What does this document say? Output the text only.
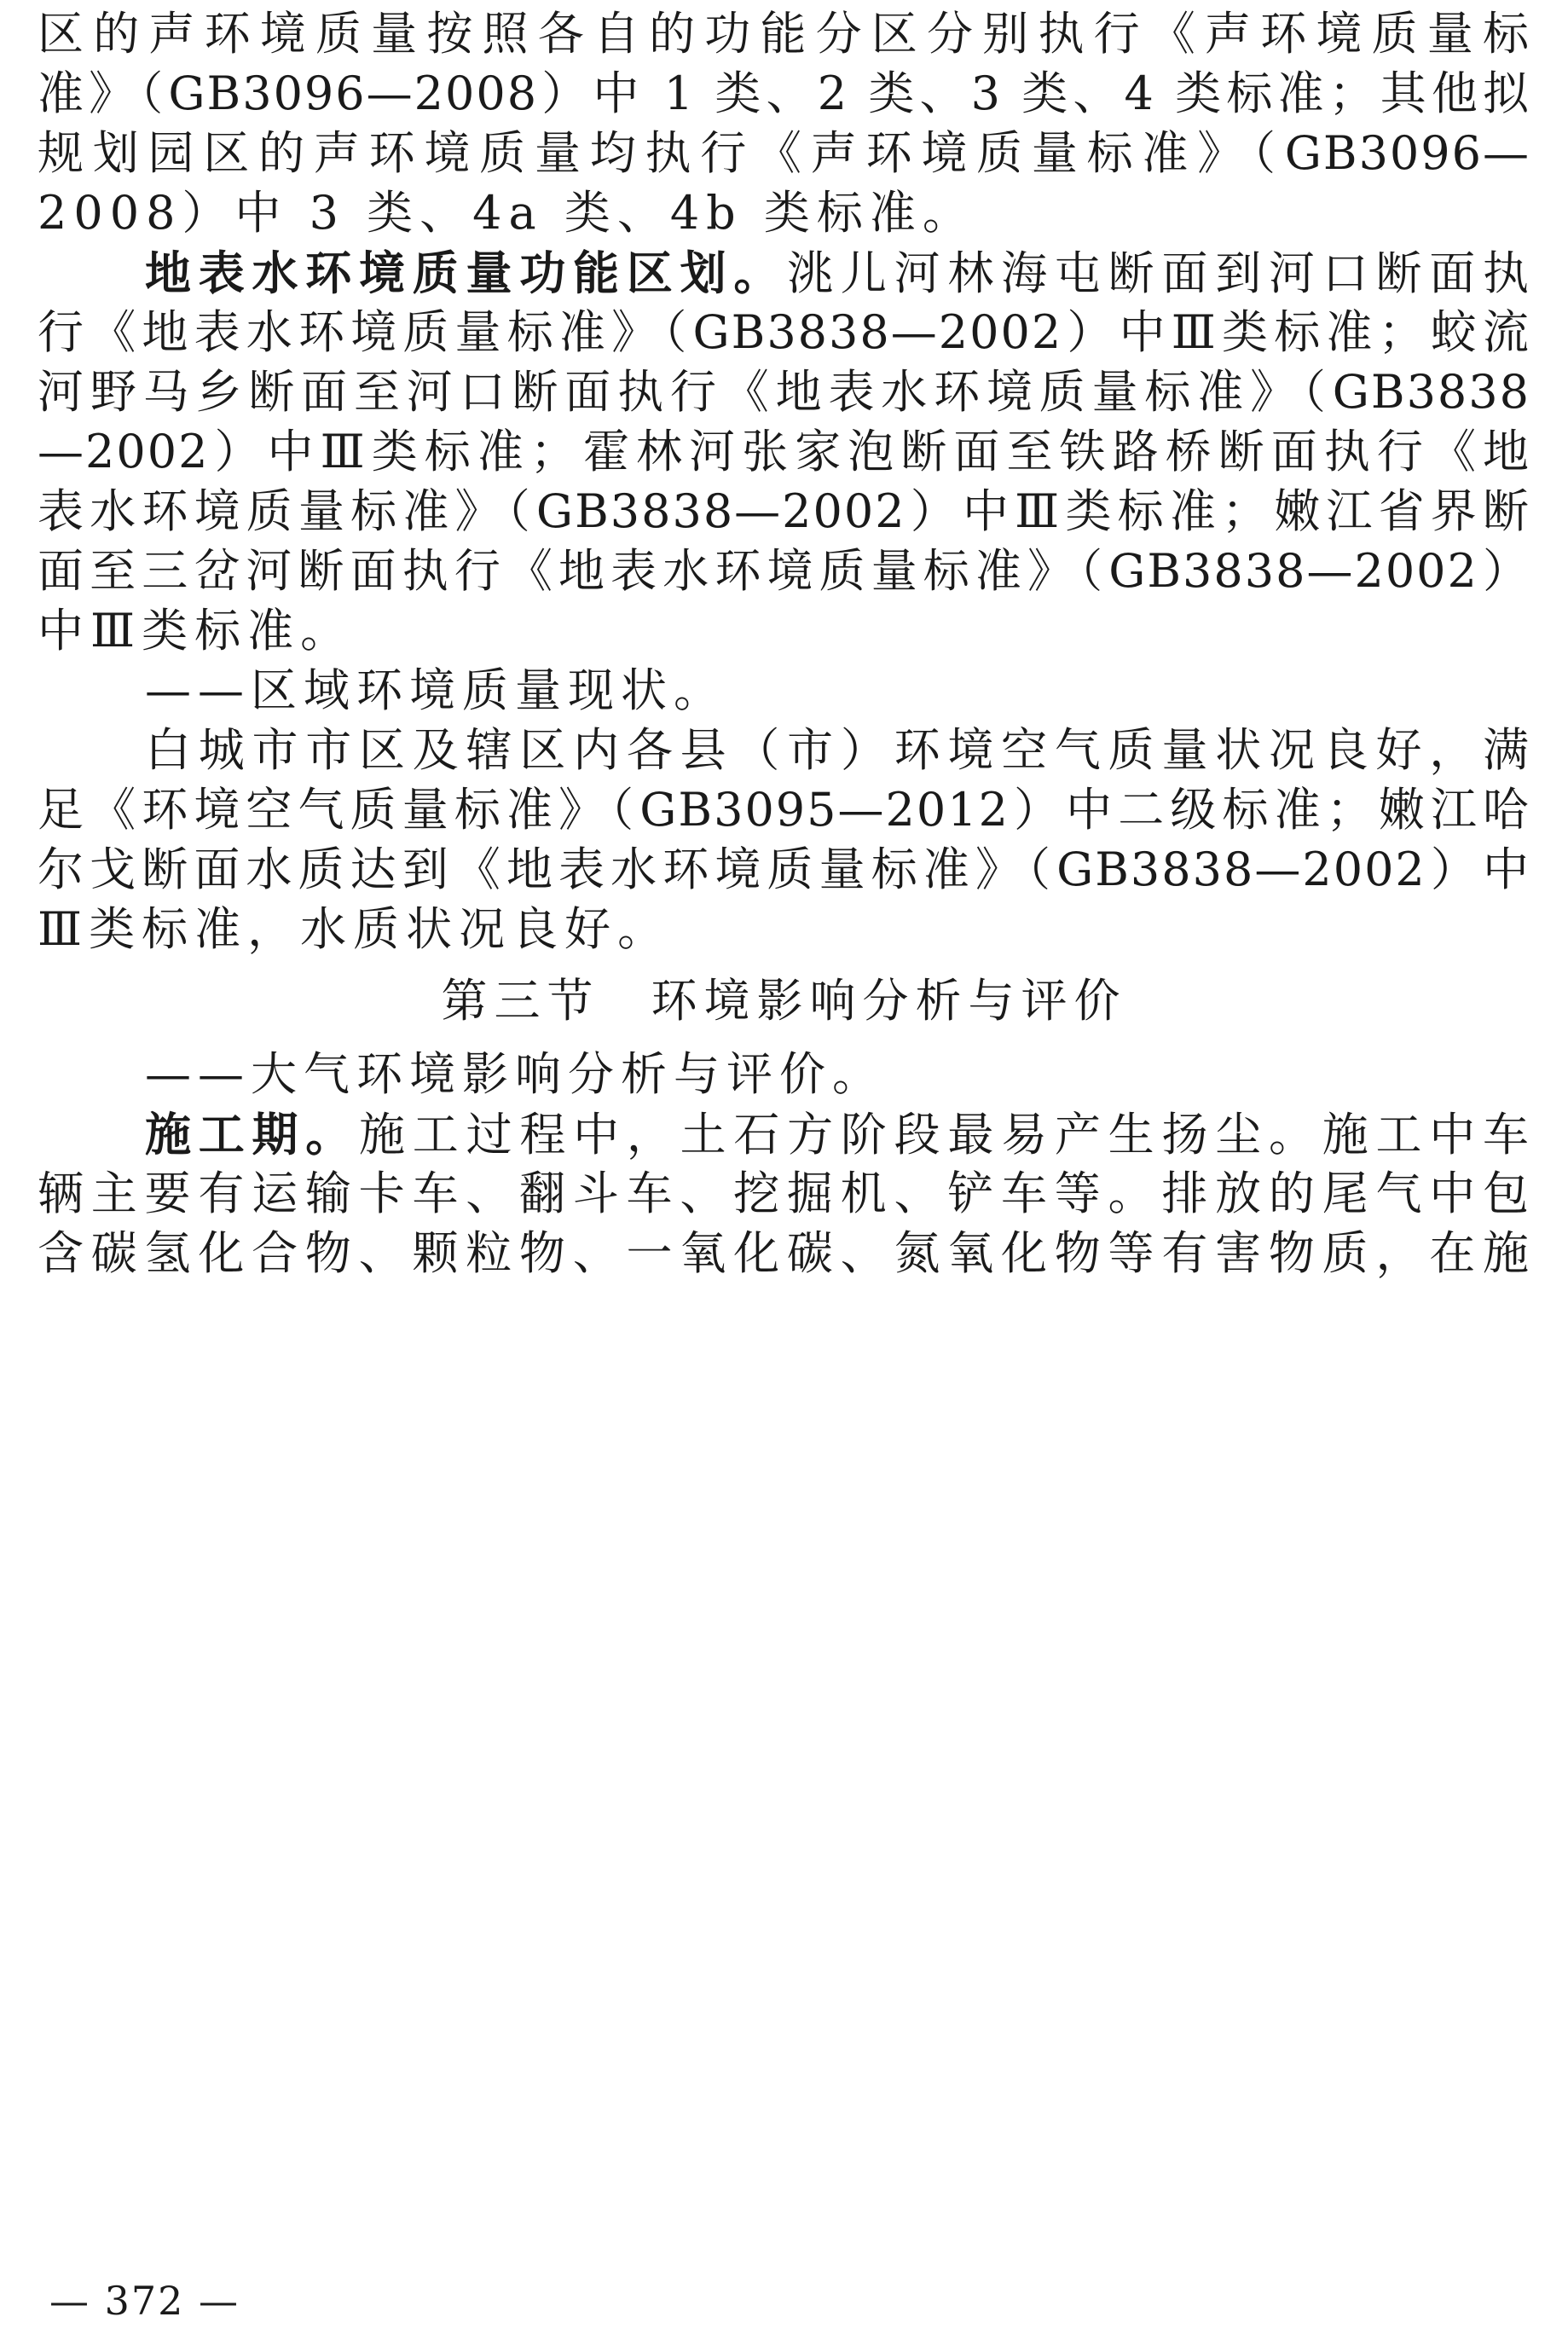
区的声环境质量按照各自的功能分区分别执行《声环境质量标
准》（GB3096—2008）中 1 类、2 类、3 类、4 类标准；其他拟
规划园区的声环境质量均执行《声环境质量标准》（GB3096—
2008）中 3 类、4a 类、4b 类标准。
地表水环境质量功能区划。洮儿河林海屯断面到河口断面执
行《地表水环境质量标准》（GB3838—2002）中Ⅲ类标准；蛟流
河野马乡断面至河口断面执行《地表水环境质量标准》（GB3838
—2002）中Ⅲ类标准；霍林河张家泡断面至铁路桥断面执行《地
表水环境质量标准》（GB3838—2002）中Ⅲ类标准；嫩江省界断
面至三岔河断面执行《地表水环境质量标准》（GB3838—2002）
中Ⅲ类标准。
——区域环境质量现状。
白城市市区及辖区内各县（市）环境空气质量状况良好，满
足《环境空气质量标准》（GB3095—2012）中二级标准；嫩江哈
尔戈断面水质达到《地表水环境质量标准》（GB3838—2002）中
Ⅲ类标准，水质状况良好。
第三节 环境影响分析与评价
——大气环境影响分析与评价。
施工期。施工过程中，土石方阶段最易产生扬尘。施工中车
辆主要有运输卡车、翻斗车、挖掘机、铲车等。排放的尾气中包
含碳氢化合物、颗粒物、一氧化碳、氮氧化物等有害物质，在施
— 372 —
